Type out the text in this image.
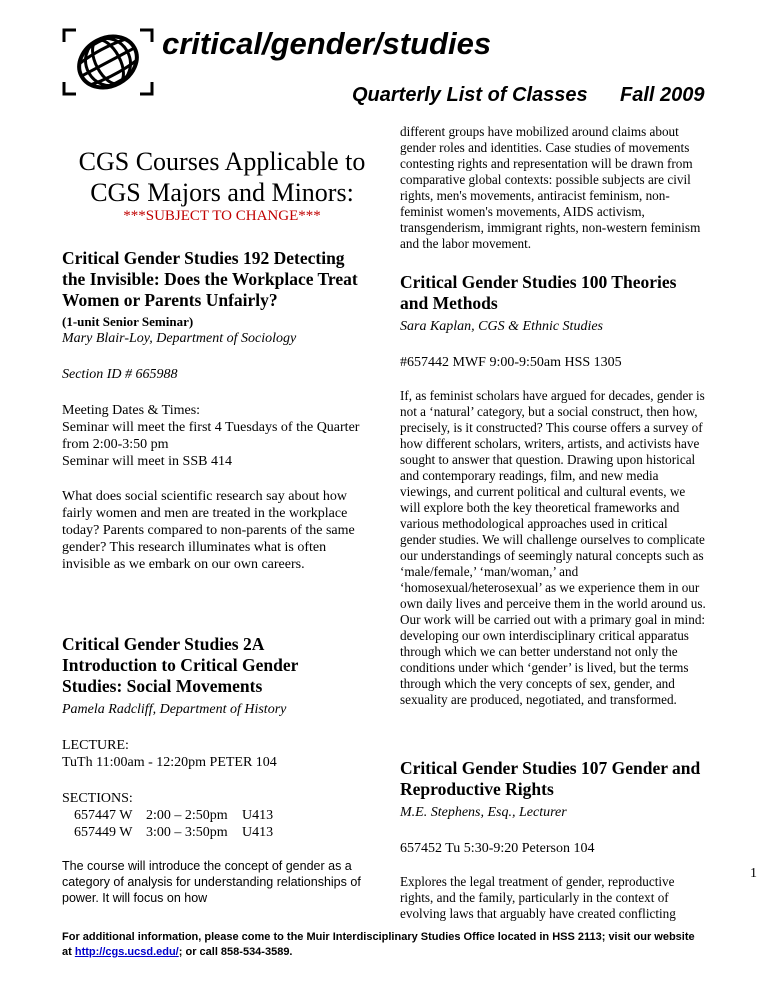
critical/gender/studies
Quarterly List of Classes Fall 2009
CGS Courses Applicable to CGS Majors and Minors:
***SUBJECT TO CHANGE***

Critical Gender Studies 192 Detecting the Invisible: Does the Workplace Treat Women or Parents Unfairly?

(1-unit Senior Seminar)

Mary Blair-Loy, Department of Sociology

Section ID # 665988

Meeting Dates & Times:

Seminar will meet the first 4 Tuesdays of the Quarter from 2:00-3:50 pm

Seminar will meet in SSB 414

What does social scientific research say about how fairly women and men are treated in the workplace today? Parents compared to non-parents of the same gender? This research illuminates what is often invisible as we embark on our own careers.

Critical Gender Studies 2A Introduction to Critical Gender Studies: Social Movements

Pamela Radcliff, Department of History

LECTURE:

TuTh 11:00am - 12:20pm PETER 104

SECTIONS:

657447 W	2:00 – 2:50pm	U413
657449 W	3:00 – 3:50pm	U413

The course will introduce the concept of gender as a category of analysis for understanding relationships of power. It will focus on how

different groups have mobilized around claims about gender roles and identities. Case studies of movements contesting rights and representation will be drawn from comparative global contexts: possible subjects are civil rights, men's movements, antiracist feminism, non-feminist women's movements, AIDS activism, transgenderism, immigrant rights, non-western feminism and the labor movement.

Critical Gender Studies 100 Theories and Methods

Sara Kaplan, CGS & Ethnic Studies

#657442 MWF 9:00-9:50am HSS 1305

If, as feminist scholars have argued for decades, gender is not a ‘natural’ category, but a social construct, then how, precisely, is it constructed? This course offers a survey of how different scholars, writers, artists, and activists have sought to answer that question. Drawing upon historical and contemporary readings, film, and new media viewings, and current political and cultural events, we will explore both the key theoretical frameworks and various methodological approaches used in critical gender studies. We will challenge ourselves to complicate our understandings of seemingly natural concepts such as ‘male/female,’ ‘man/woman,’ and ‘homosexual/heterosexual’ as we experience them in our own daily lives and perceive them in the world around us. Our work will be carried out with a primary goal in mind: developing our own interdisciplinary critical apparatus through which we can better understand not only the conditions under which ‘gender’ is lived, but the terms through which the very concepts of sex, gender, and sexuality are produced, negotiated, and transformed.

Critical Gender Studies 107 Gender and Reproductive Rights

M.E. Stephens, Esq., Lecturer

657452 Tu 5:30-9:20 Peterson 104

Explores the legal treatment of gender, reproductive rights, and the family, particularly in the context of evolving laws that arguably have created conflicting

1
For additional information, please come to the Muir Interdisciplinary Studies Office located in HSS 2113; visit our website at http://cgs.ucsd.edu/; or call 858-534-3589.
